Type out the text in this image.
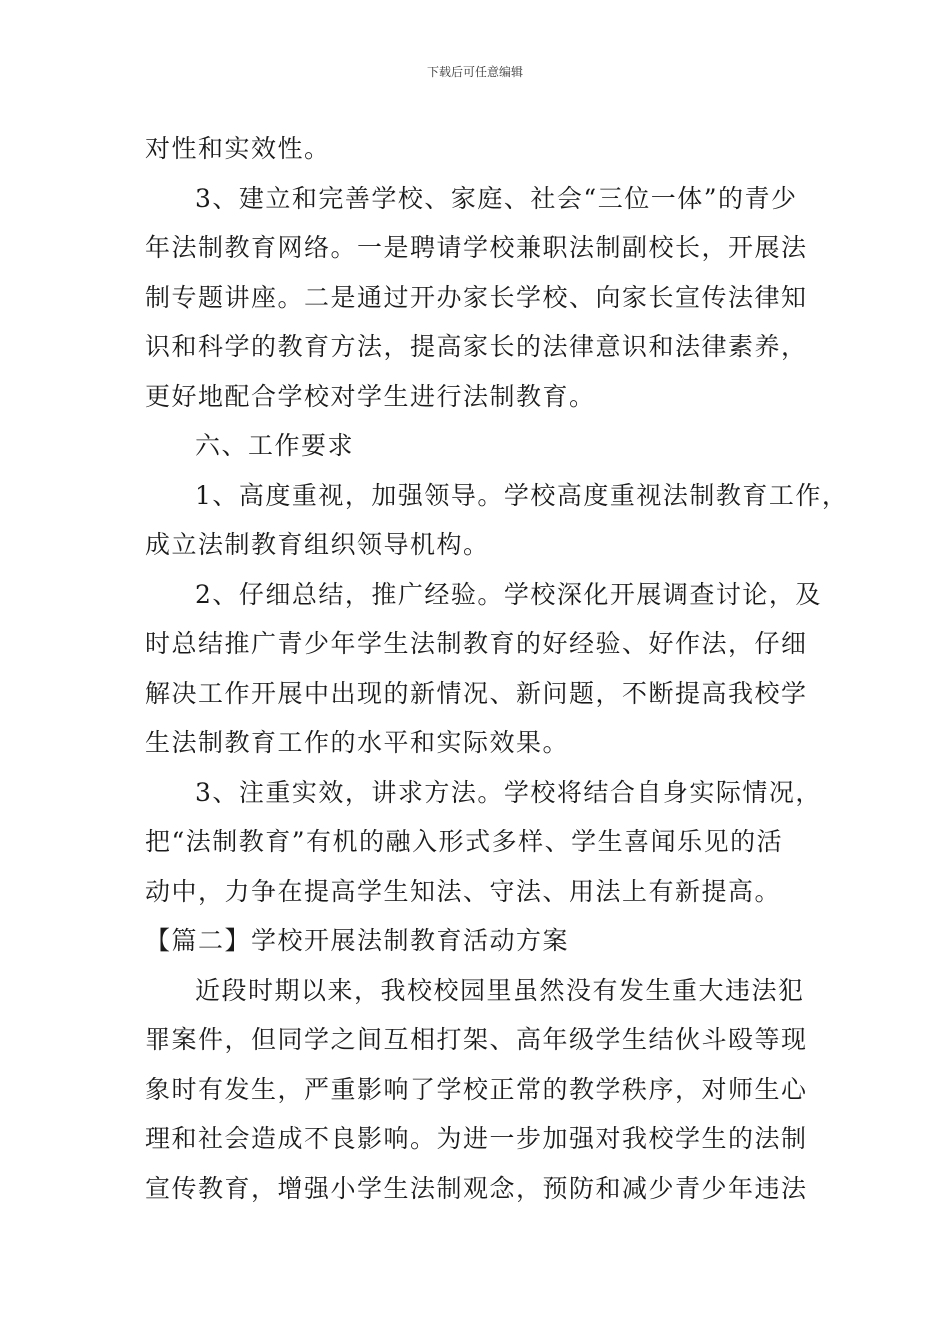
下载后可任意编辑
对性和实效性。
3、建立和完善学校、家庭、社会“三位一体”的青少
年法制教育网络。一是聘请学校兼职法制副校长，开展法
制专题讲座。二是通过开办家长学校、向家长宣传法律知
识和科学的教育方法，提高家长的法律意识和法律素养，
更好地配合学校对学生进行法制教育。
六、工作要求
1、高度重视，加强领导。学校高度重视法制教育工作，
成立法制教育组织领导机构。
2、仔细总结，推广经验。学校深化开展调查讨论，及
时总结推广青少年学生法制教育的好经验、好作法，仔细
解决工作开展中出现的新情况、新问题，不断提高我校学
生法制教育工作的水平和实际效果。
3、注重实效，讲求方法。学校将结合自身实际情况，
把“法制教育”有机的融入形式多样、学生喜闻乐见的活
动中，力争在提高学生知法、守法、用法上有新提高。
【篇二】学校开展法制教育活动方案
近段时期以来，我校校园里虽然没有发生重大违法犯
罪案件，但同学之间互相打架、高年级学生结伙斗殴等现
象时有发生，严重影响了学校正常的教学秩序，对师生心
理和社会造成不良影响。为进一步加强对我校学生的法制
宣传教育，增强小学生法制观念，预防和减少青少年违法
